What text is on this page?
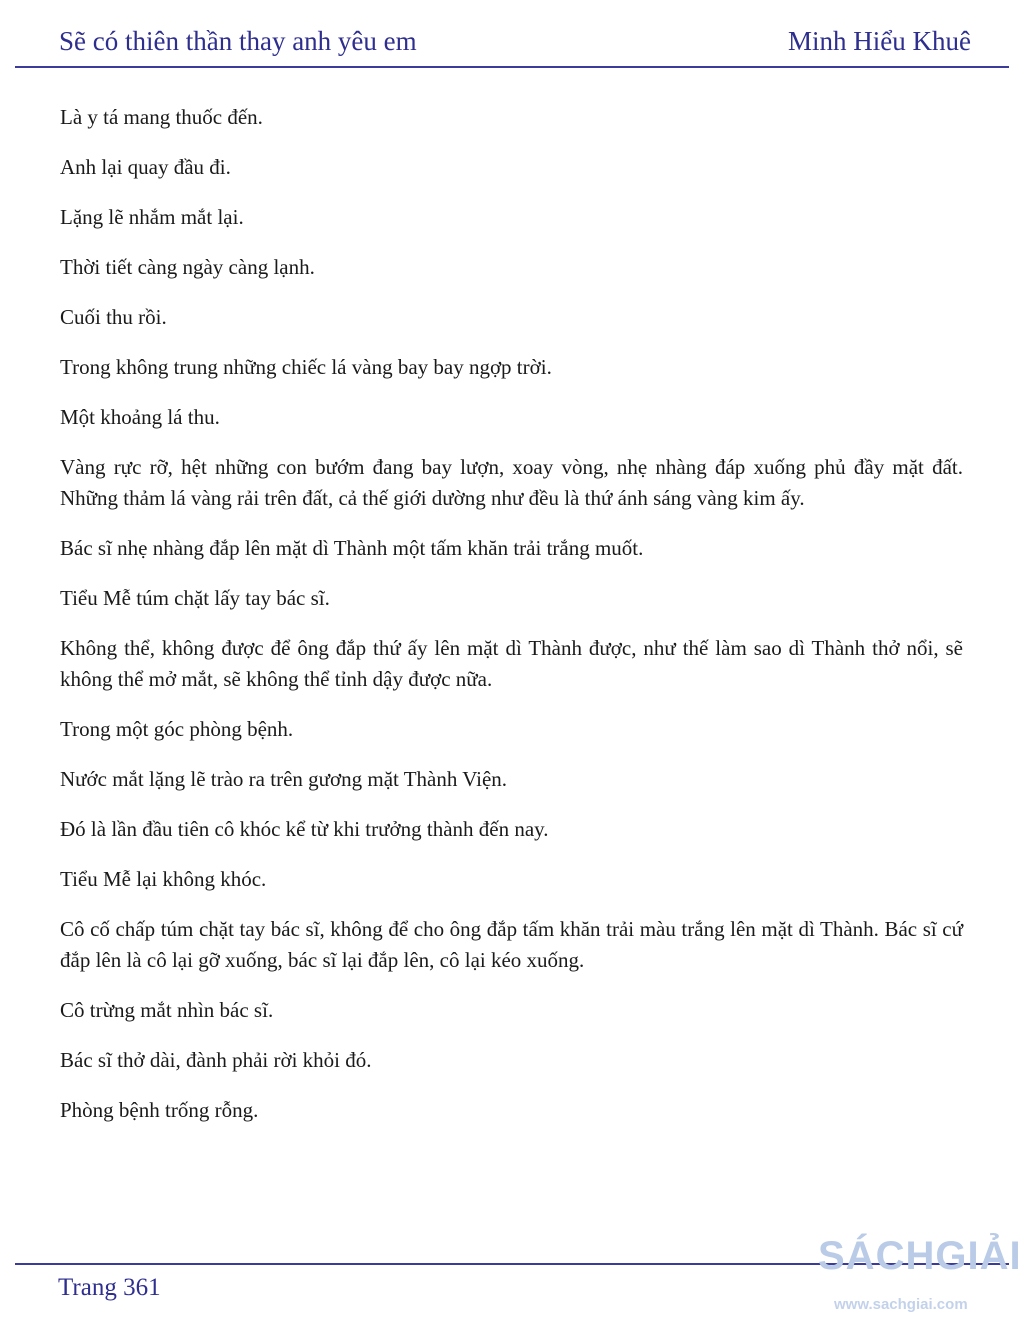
Sẽ có thiên thần thay anh yêu em	Minh Hiểu Khuê

Là y tá mang thuốc đến.

Anh lại quay đầu đi.

Lặng lẽ nhắm mắt lại.

Thời tiết càng ngày càng lạnh.

Cuối thu rồi.

Trong không trung những chiếc lá vàng bay bay ngợp trời.

Một khoảng lá thu.

Vàng rực rỡ, hệt những con bướm đang bay lượn, xoay vòng, nhẹ nhàng đáp xuống phủ đầy mặt đất. Những thảm lá vàng rải trên đất, cả thế giới dường như đều là thứ ánh sáng vàng kim ấy.

Bác sĩ nhẹ nhàng đắp lên mặt dì Thành một tấm khăn trải trắng muốt.

Tiểu Mễ túm chặt lấy tay bác sĩ.

Không thể, không được để ông đắp thứ ấy lên mặt dì Thành được, như thế làm sao dì Thành thở nổi, sẽ không thể mở mắt, sẽ không thể tỉnh dậy được nữa.

Trong một góc phòng bệnh.

Nước mắt lặng lẽ trào ra trên gương mặt Thành Viện.

Đó là lần đầu tiên cô khóc kể từ khi trưởng thành đến nay.

Tiểu Mễ lại không khóc.

Cô cố chấp túm chặt tay bác sĩ, không để cho ông đắp tấm khăn trải màu trắng lên mặt dì Thành. Bác sĩ cứ đắp lên là cô lại gỡ xuống, bác sĩ lại đắp lên, cô lại kéo xuống.

Cô trừng mắt nhìn bác sĩ.

Bác sĩ thở dài, đành phải rời khỏi đó.

Phòng bệnh trống rỗng.

Trang 361
SÁCHGIẢI
www.sachgiai.com
